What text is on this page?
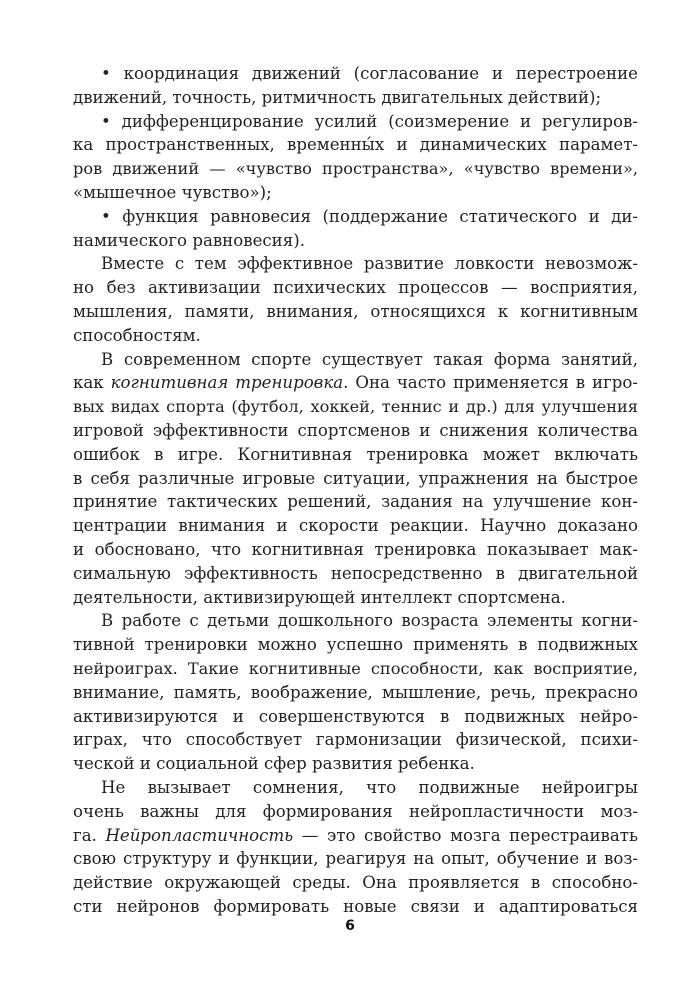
• координация движений (согласование и перестроение
движений, точность, ритмичность двигательных действий);
• дифференцирование усилий (соизмерение и регулиров-
ка пространственных, временны́х и динамических парамет-
ров движений — «чувство пространства», «чувство времени»,
«мышечное чувство»);
• функция равновесия (поддержание статического и ди-
намического равновесия).
Вместе с тем эффективное развитие ловкости невозмож-
но без активизации психических процессов — восприятия,
мышления, памяти, внимания, относящихся к когнитивным
способностям.
В современном спорте существует такая форма занятий,
как когнитивная тренировка. Она часто применяется в игро-
вых видах спорта (футбол, хоккей, теннис и др.) для улучшения
игровой эффективности спортсменов и снижения количества
ошибок в игре. Когнитивная тренировка может включать
в себя различные игровые ситуации, упражнения на быстрое
принятие тактических решений, задания на улучшение кон-
центрации внимания и скорости реакции. Научно доказано
и обосновано, что когнитивная тренировка показывает мак-
симальную эффективность непосредственно в двигательной
деятельности, активизирующей интеллект спортсмена.
В работе с детьми дошкольного возраста элементы когни-
тивной тренировки можно успешно применять в подвижных
нейроиграх. Такие когнитивные способности, как восприятие,
внимание, память, воображение, мышление, речь, прекрасно
активизируются и совершенствуются в подвижных нейро-
играх, что способствует гармонизации физической, психи-
ческой и социальной сфер развития ребенка.
Не вызывает сомнения, что подвижные нейроигры
очень важны для формирования нейропластичности моз-
га. Нейропластичность — это свойство мозга перестраивать
свою структуру и функции, реагируя на опыт, обучение и воз-
действие окружающей среды. Она проявляется в способно-
сти нейронов формировать новые связи и адаптироваться
6
